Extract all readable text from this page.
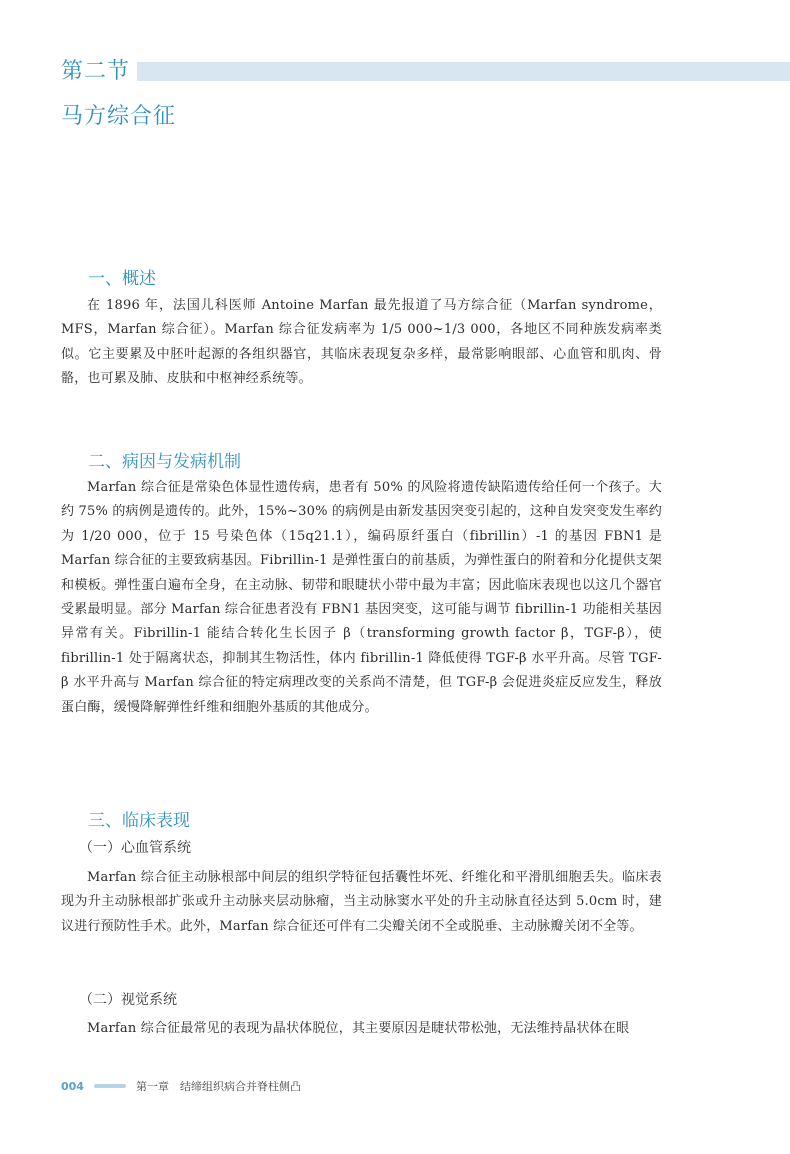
第二节
马方综合征
一、概述

在 1896 年，法国儿科医师 Antoine Marfan 最先报道了马方综合征（Marfan syndrome，MFS，Marfan 综合征）。Marfan 综合征发病率为 1/5 000~1/3 000，各地区不同种族发病率类似。它主要累及中胚叶起源的各组织器官，其临床表现复杂多样，最常影响眼部、心血管和肌肉、骨骼，也可累及肺、皮肤和中枢神经系统等。

二、病因与发病机制

Marfan 综合征是常染色体显性遗传病，患者有 50% 的风险将遗传缺陷遗传给任何一个孩子。大约 75% 的病例是遗传的。此外，15%~30% 的病例是由新发基因突变引起的，这种自发突变发生率约为 1/20 000，位于 15 号染色体（15q21.1），编码原纤蛋白（fibrillin）-1 的基因 FBN1 是 Marfan 综合征的主要致病基因。Fibrillin-1 是弹性蛋白的前基质，为弹性蛋白的附着和分化提供支架和模板。弹性蛋白遍布全身，在主动脉、韧带和眼睫状小带中最为丰富；因此临床表现也以这几个器官受累最明显。部分 Marfan 综合征患者没有 FBN1 基因突变，这可能与调节 fibrillin-1 功能相关基因异常有关。Fibrillin-1 能结合转化生长因子 β（transforming growth factor β，TGF-β），使 fibrillin-1 处于隔离状态，抑制其生物活性，体内 fibrillin-1 降低使得 TGF-β 水平升高。尽管 TGF-β 水平升高与 Marfan 综合征的特定病理改变的关系尚不清楚，但 TGF-β 会促进炎症反应发生，释放蛋白酶，缓慢降解弹性纤维和细胞外基质的其他成分。

三、临床表现
（一）心血管系统

Marfan 综合征主动脉根部中间层的组织学特征包括囊性坏死、纤维化和平滑肌细胞丢失。临床表现为升主动脉根部扩张或升主动脉夹层动脉瘤，当主动脉窦水平处的升主动脉直径达到 5.0cm 时，建议进行预防性手术。此外，Marfan 综合征还可伴有二尖瓣关闭不全或脱垂、主动脉瓣关闭不全等。

（二）视觉系统

Marfan 综合征最常见的表现为晶状体脱位，其主要原因是睫状带松弛，无法维持晶状体在眼

004	第一章　结缔组织病合并脊柱侧凸
